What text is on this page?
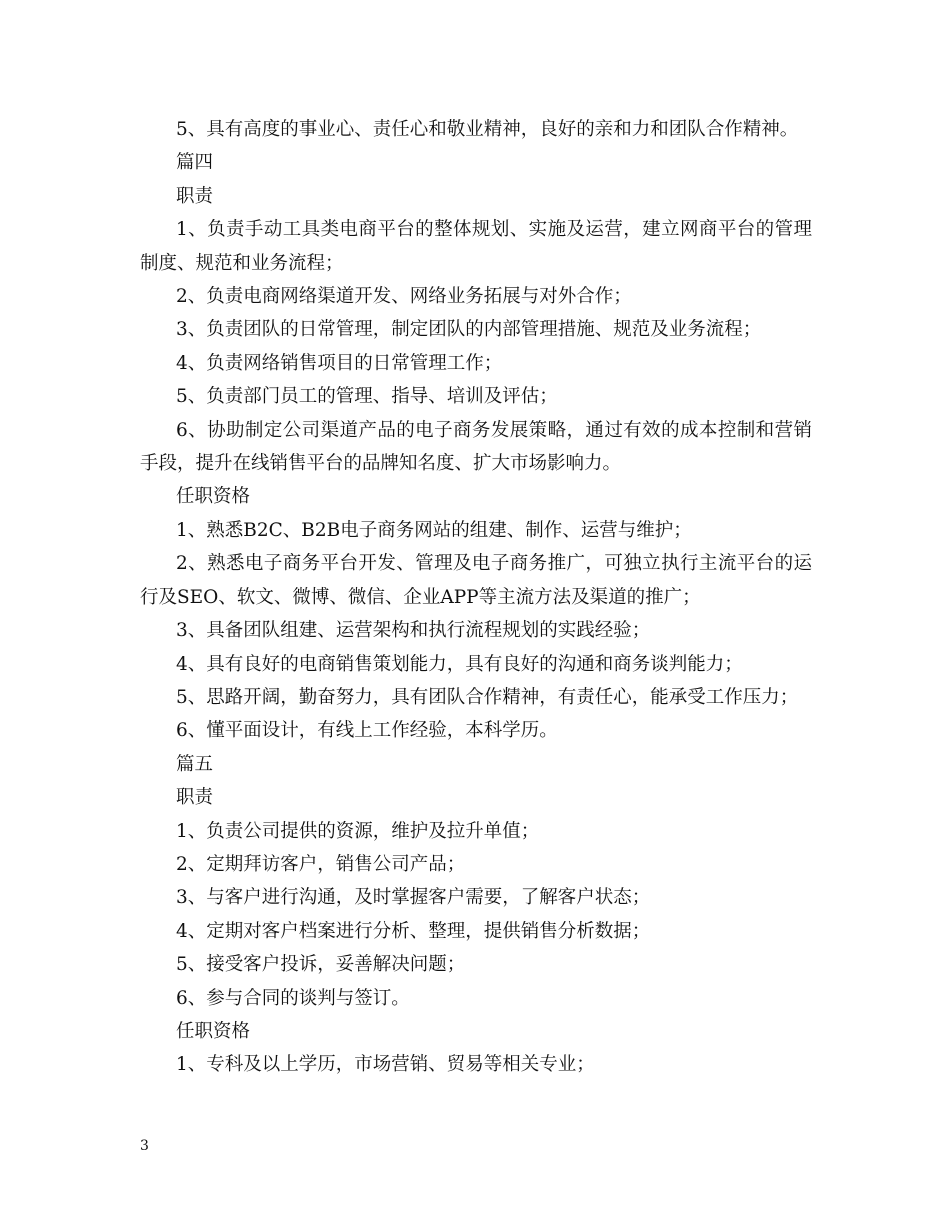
5、具有高度的事业心、责任心和敬业精神，良好的亲和力和团队合作精神。

篇四

职责

1、负责手动工具类电商平台的整体规划、实施及运营，建立网商平台的管理制度、规范和业务流程；

2、负责电商网络渠道开发、网络业务拓展与对外合作；

3、负责团队的日常管理，制定团队的内部管理措施、规范及业务流程；

4、负责网络销售项目的日常管理工作；

5、负责部门员工的管理、指导、培训及评估；

6、协助制定公司渠道产品的电子商务发展策略，通过有效的成本控制和营销手段，提升在线销售平台的品牌知名度、扩大市场影响力。

任职资格

1、熟悉B2C、B2B电子商务网站的组建、制作、运营与维护；

2、熟悉电子商务平台开发、管理及电子商务推广，可独立执行主流平台的运行及SEO、软文、微博、微信、企业APP等主流方法及渠道的推广；

3、具备团队组建、运营架构和执行流程规划的实践经验；

4、具有良好的电商销售策划能力，具有良好的沟通和商务谈判能力；

5、思路开阔，勤奋努力，具有团队合作精神，有责任心，能承受工作压力；

6、懂平面设计，有线上工作经验，本科学历。

篇五

职责

1、负责公司提供的资源，维护及拉升单值；

2、定期拜访客户，销售公司产品；

3、与客户进行沟通，及时掌握客户需要，了解客户状态；

4、定期对客户档案进行分析、整理，提供销售分析数据；

5、接受客户投诉，妥善解决问题；

6、参与合同的谈判与签订。

任职资格

1、专科及以上学历，市场营销、贸易等相关专业；

3
